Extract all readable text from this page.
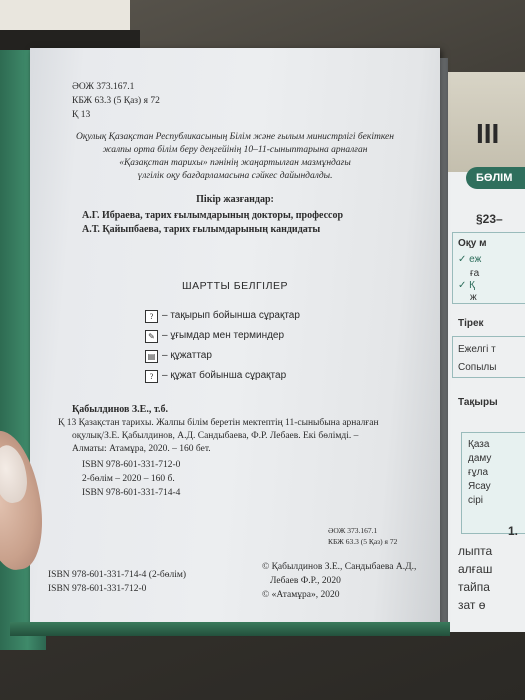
III
БӨЛІМ
§23–
Оқу м
✓ еж
ға
✓ Қ
ж
Тірек
Ежелгі т
Сопылы
Тақыры
Қаза
даму
ғұла
Ясау
сірі
1.
лыпта
алғаш
тайпа
зат ө
ӘОЖ 373.167.1
КБЖ 63.3 (5 Қаз) я 72
Қ 13
Оқулық Қазақстан Республикасының Білім және ғылым министрлігі бекіткен
жалпы орта білім беру деңгейінің 10–11-сыныптарына арналған
«Қазақстан тарихы» пәнінің жаңартылған мазмұндағы
үлгілік оқу бағдарламасына сәйкес дайындалды.
Пікір жазғандар:
А.Г. Ибраева, тарих ғылымдарының докторы, профессор
А.Т. Қайыпбаева, тарих ғылымдарының кандидаты
ШАРТТЫ БЕЛГІЛЕР
? – тақырып бойынша сұрақтар
✎ – ұғымдар мен терминдер
▤ – құжаттар
? – құжат бойынша сұрақтар
Қабылдинов З.Е., т.б.
Қ 13 Қазақстан тарихы. Жалпы білім беретін мектептің 11-сыныбына арналған
оқулық/З.Е. Қабылдинов, А.Д. Сандыбаева, Ф.Р. Лебаев. Екі бөлімді. –
Алматы: Атамұра, 2020. – 160 бет.
ISBN 978-601-331-712-0
2-бөлім – 2020 – 160 б.
ISBN 978-601-331-714-4
ӘОЖ 373.167.1
КБЖ 63.3 (5 Қаз) я 72
ISBN 978-601-331-714-4 (2-бөлім)
ISBN 978-601-331-712-0
© Қабылдинов З.Е., Сандыбаева А.Д.,
Лебаев Ф.Р., 2020
© «Атамұра», 2020
